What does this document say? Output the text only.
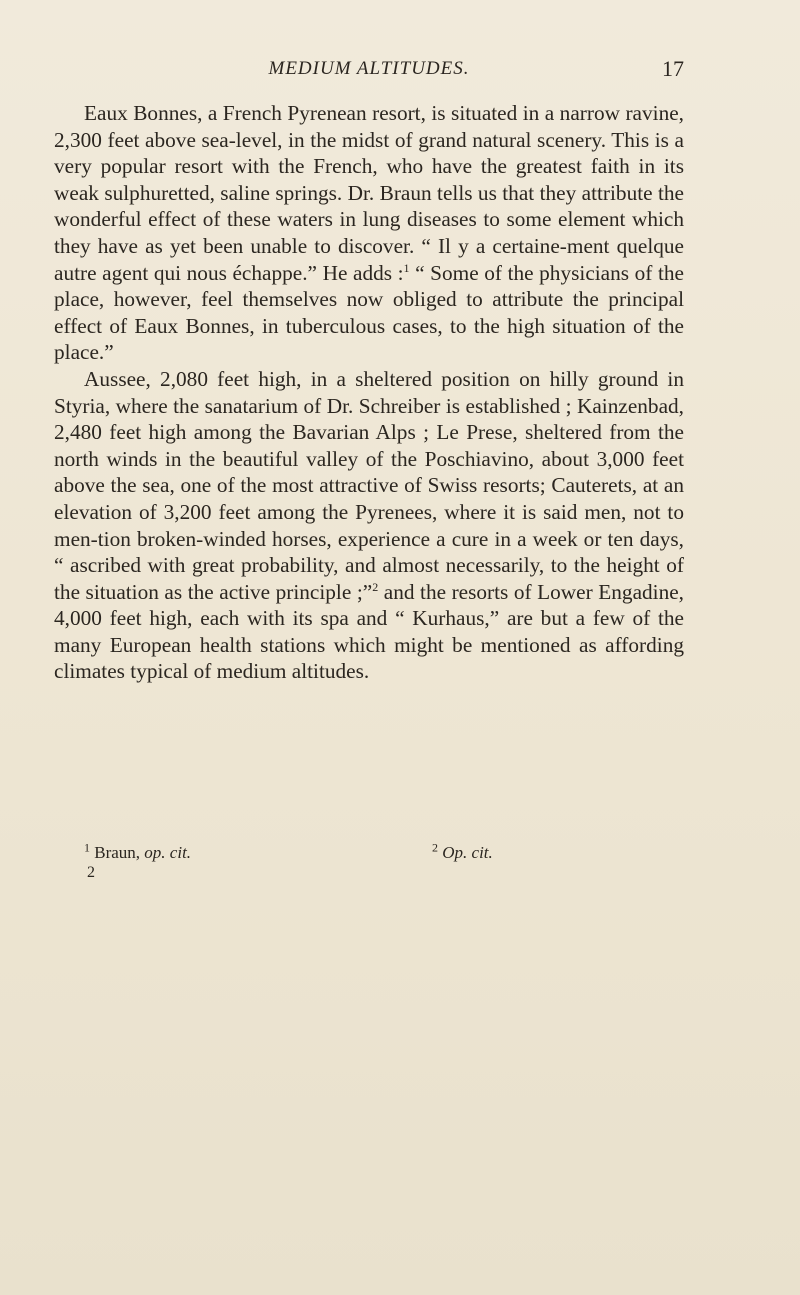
MEDIUM ALTITUDES.	17

Eaux Bonnes, a French Pyrenean resort, is situated in a narrow ravine, 2,300 feet above sea-level, in the midst of grand natural scenery. This is a very popular resort with the French, who have the greatest faith in its weak sulphuretted, saline springs. Dr. Braun tells us that they attribute the wonderful effect of these waters in lung diseases to some element which they have as yet been unable to discover. “ Il y a certaine-ment quelque autre agent qui nous échappe.” He adds :$^1$ “ Some of the physicians of the place, however, feel themselves now obliged to attribute the principal effect of Eaux Bonnes, in tuberculous cases, to the high situation of the place.”

Aussee, 2,080 feet high, in a sheltered position on hilly ground in Styria, where the sanatarium of Dr. Schreiber is established ; Kainzenbad, 2,480 feet high among the Bavarian Alps ; Le Prese, sheltered from the north winds in the beautiful valley of the Poschiavino, about 3,000 feet above the sea, one of the most attractive of Swiss resorts; Cauterets, at an elevation of 3,200 feet among the Pyrenees, where it is said men, not to men-tion broken-winded horses, experience a cure in a week or ten days, “ ascribed with great probability, and almost necessarily, to the height of the situation as the active principle ;”$^2$ and the resorts of Lower Engadine, 4,000 feet high, each with its spa and “ Kurhaus,” are but a few of the many European health stations which might be mentioned as affording climates typical of medium altitudes.

$^1$ Braun, op. cit.	$^2$ Op. cit.
2
